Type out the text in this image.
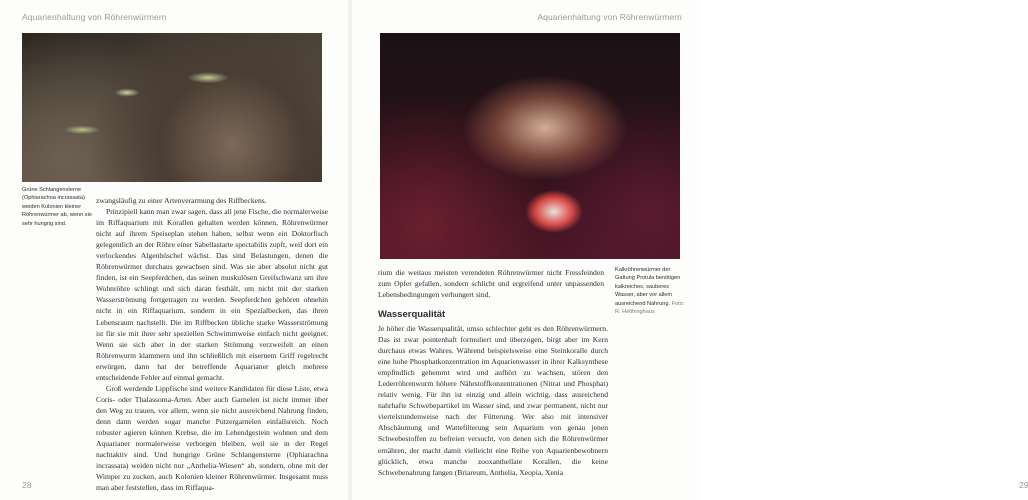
Aquarienhaltung von Röhrenwürmern
Grüne Schlangensterne (Ophiarachna incrassata) weiden Kolonien kleiner Röhrenwürmer ab, wenn sie sehr hungrig sind.

zwangsläufig zu einer Artenverarmung des Riffbeckens.

Prinzipiell kann man zwar sagen, dass all jene Fische, die normalerweise im Riffaquarium mit Korallen gehalten werden können, Röhrenwürmer nicht auf ihrem Speiseplan stehen haben, selbst wenn ein Doktorfisch gelegentlich an der Röhre einer Sabellastarte spectabilis zupft, weil dort ein verlockendes Algenbüschel wächst. Das sind Belastungen, denen die Röhrenwürmer durchaus gewachsen sind. Was sie aber absolut nicht gut finden, ist ein Seepferdchen, das seinen muskulösen Greifschwanz um ihre Wohnröhre schlingt und sich daran festhält, um nicht mit der starken Wasserströmung fortgetragen zu werden. Seepferdchen gehören ohnehin nicht in ein Riffaquarium, sondern in ein Spezialbecken, das ihren Lebensraum nachstellt. Die im Riffbecken übliche starke Wasserströmung ist für sie mit ihrer sehr speziellen Schwimmweise einfach nicht geeignet. Wenn sie sich aber in der starken Strömung verzweifelt an einen Röhrenwurm klammern und ihn schließlich mit eisernem Griff regelrecht erwürgen, dann hat der betreffende Aquarianer gleich mehrere entscheidende Fehler auf einmal gemacht.

Groß werdende Lippfische sind weitere Kandidaten für diese Liste, etwa Coris- oder Thalassoma-Arten. Aber auch Garnelen ist nicht immer über den Weg zu trauen, vor allem, wenn sie nicht ausreichend Nahrung finden, denn dann werden sogar manche Putzergarnelen einfallsreich. Noch robuster agieren können Krebse, die im Lebendgestein wohnen und dem Aquarianer normalerweise verborgen bleiben, weil sie in der Regel nachtaktiv sind. Und hungrige Grüne Schlangensterne (Ophiarachna incrassata) weiden nicht nur „Anthelia-Wiesen“ ab, sondern, ohne mit der Wimper zu zucken, auch Kolonien kleiner Röhrenwürmer. Insgesamt muss man aber feststellen, dass im Riffaqua-

28
Aquarienhaltung von Röhrenwürmern
29
Kalkröhrenwürmer der Gattung Protula benötigen kalkreiches, sauberes Wasser, aber vor allem ausreichend Nahrung. Foto: R. Helthinghaus
rium die weitaus meisten verendeten Röhrenwürmer nicht Fressfeinden zum Opfer gefallen, sondern schlicht und ergreifend unter unpassenden Lebensbedingungen verhungert sind.
Wasserqualität
Je höher die Wasserqualität, umso schlechter geht es den Röhrenwürmern. Das ist zwar pointenhaft formuliert und überzogen, birgt aber im Kern durchaus etwas Wahres. Während beispielsweise eine Steinkoralle durch eine hohe Phosphatkonzentration im Aquarienwasser in ihrer Kalksynthese empfindlich gehemmt wird und aufhört zu wachsen, stören den Lederröhrenwurm höhere Nährstoffkonzentrationen (Nitrat und Phosphat) relativ wenig. Für ihn ist einzig und allein wichtig, dass ausreichend nahrhafte Schwebepartikel im Wasser sind, und zwar permanent, nicht nur viertelstundenweise nach der Fütterung. Wer also mit intensiver Abschäumung und Wattefilterung sein Aquarium von genau jenen Schwebestoffen zu befreien versucht, von denen sich die Röhrenwürmer ernähren, der macht damit vielleicht eine Reihe von Aquarienbewohnern glücklich, etwa manche zooxanthellate Korallen, die keine Schwebenahrung fangen (Briareum, Anthelia, Xeopia, Xenia
